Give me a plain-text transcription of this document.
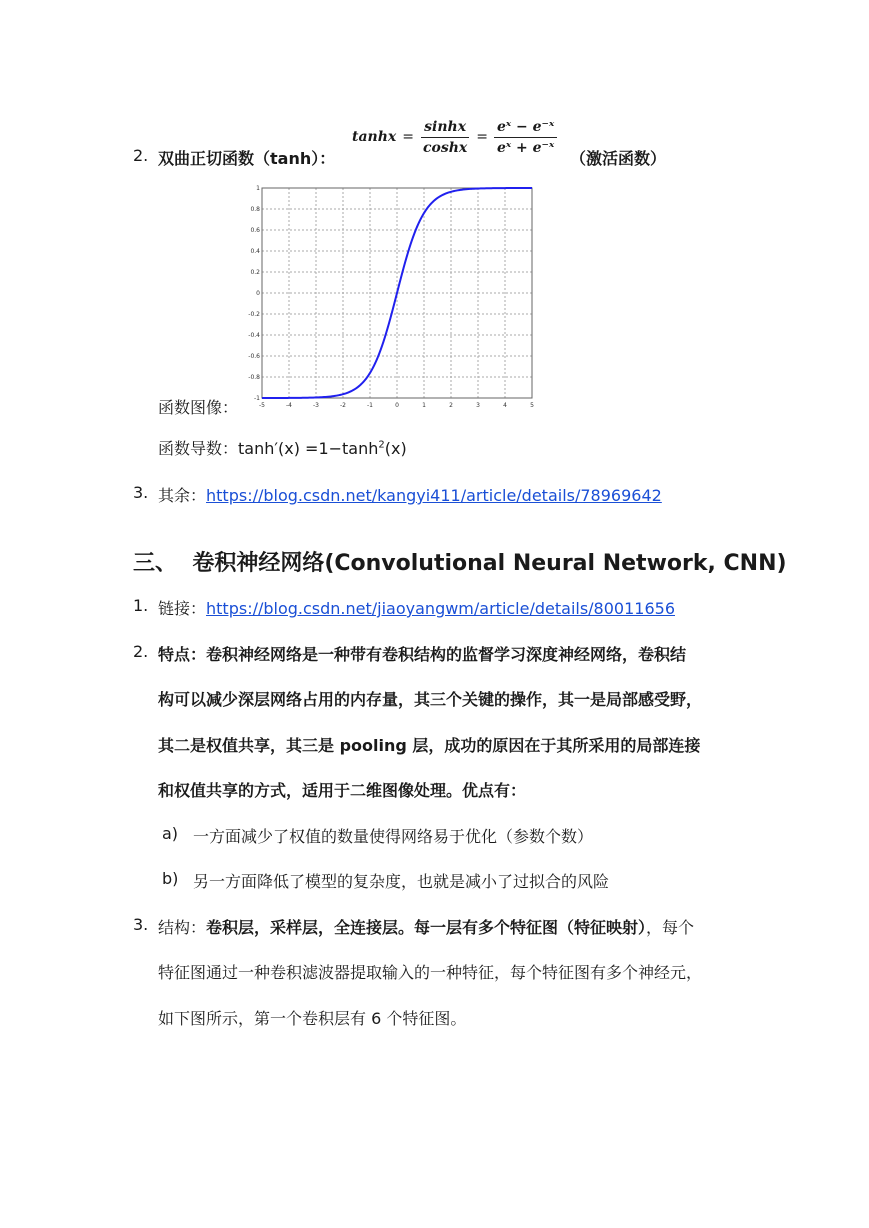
2. 双曲正切函数（tanh）：
$\tanh x = \frac{\sinh x}{\cosh x} = \frac{\text{eˣ − e⁻ˣ}}{\text{eˣ + e⁻ˣ}}$
（激活函数）
-5	-4	-3	-2	-1	0	1	2	3	4	5
-1
-0.8
-0.6
-0.4
-0.2
0
0.2
0.4
0.6
0.8
1
函数图像：
函数导数：$\tanh'(x) =1-\tanh^2(x)$
3. 其余：https://blog.csdn.net/kangyi411/article/details/78969642
三、  卷积神经网络(Convolutional Neural Network, CNN)
1. 链接：https://blog.csdn.net/jiaoyangwm/article/details/80011656
2. 特点：卷积神经网络是一种带有卷积结构的监督学习深度神经网络，卷积结
构可以减少深层网络占用的内存量，其三个关键的操作，其一是局部感受野，
其二是权值共享，其三是 pooling 层，成功的原因在于其所采用的局部连接
和权值共享的方式，适用于二维图像处理。优点有：
a) 一方面减少了权值的数量使得网络易于优化（参数个数）
b) 另一方面降低了模型的复杂度，也就是减小了过拟合的风险
3. 结构：卷积层，采样层，全连接层。每一层有多个特征图（特征映射），每个
特征图通过一种卷积滤波器提取输入的一种特征，每个特征图有多个神经元，
如下图所示，第一个卷积层有 6 个特征图。
